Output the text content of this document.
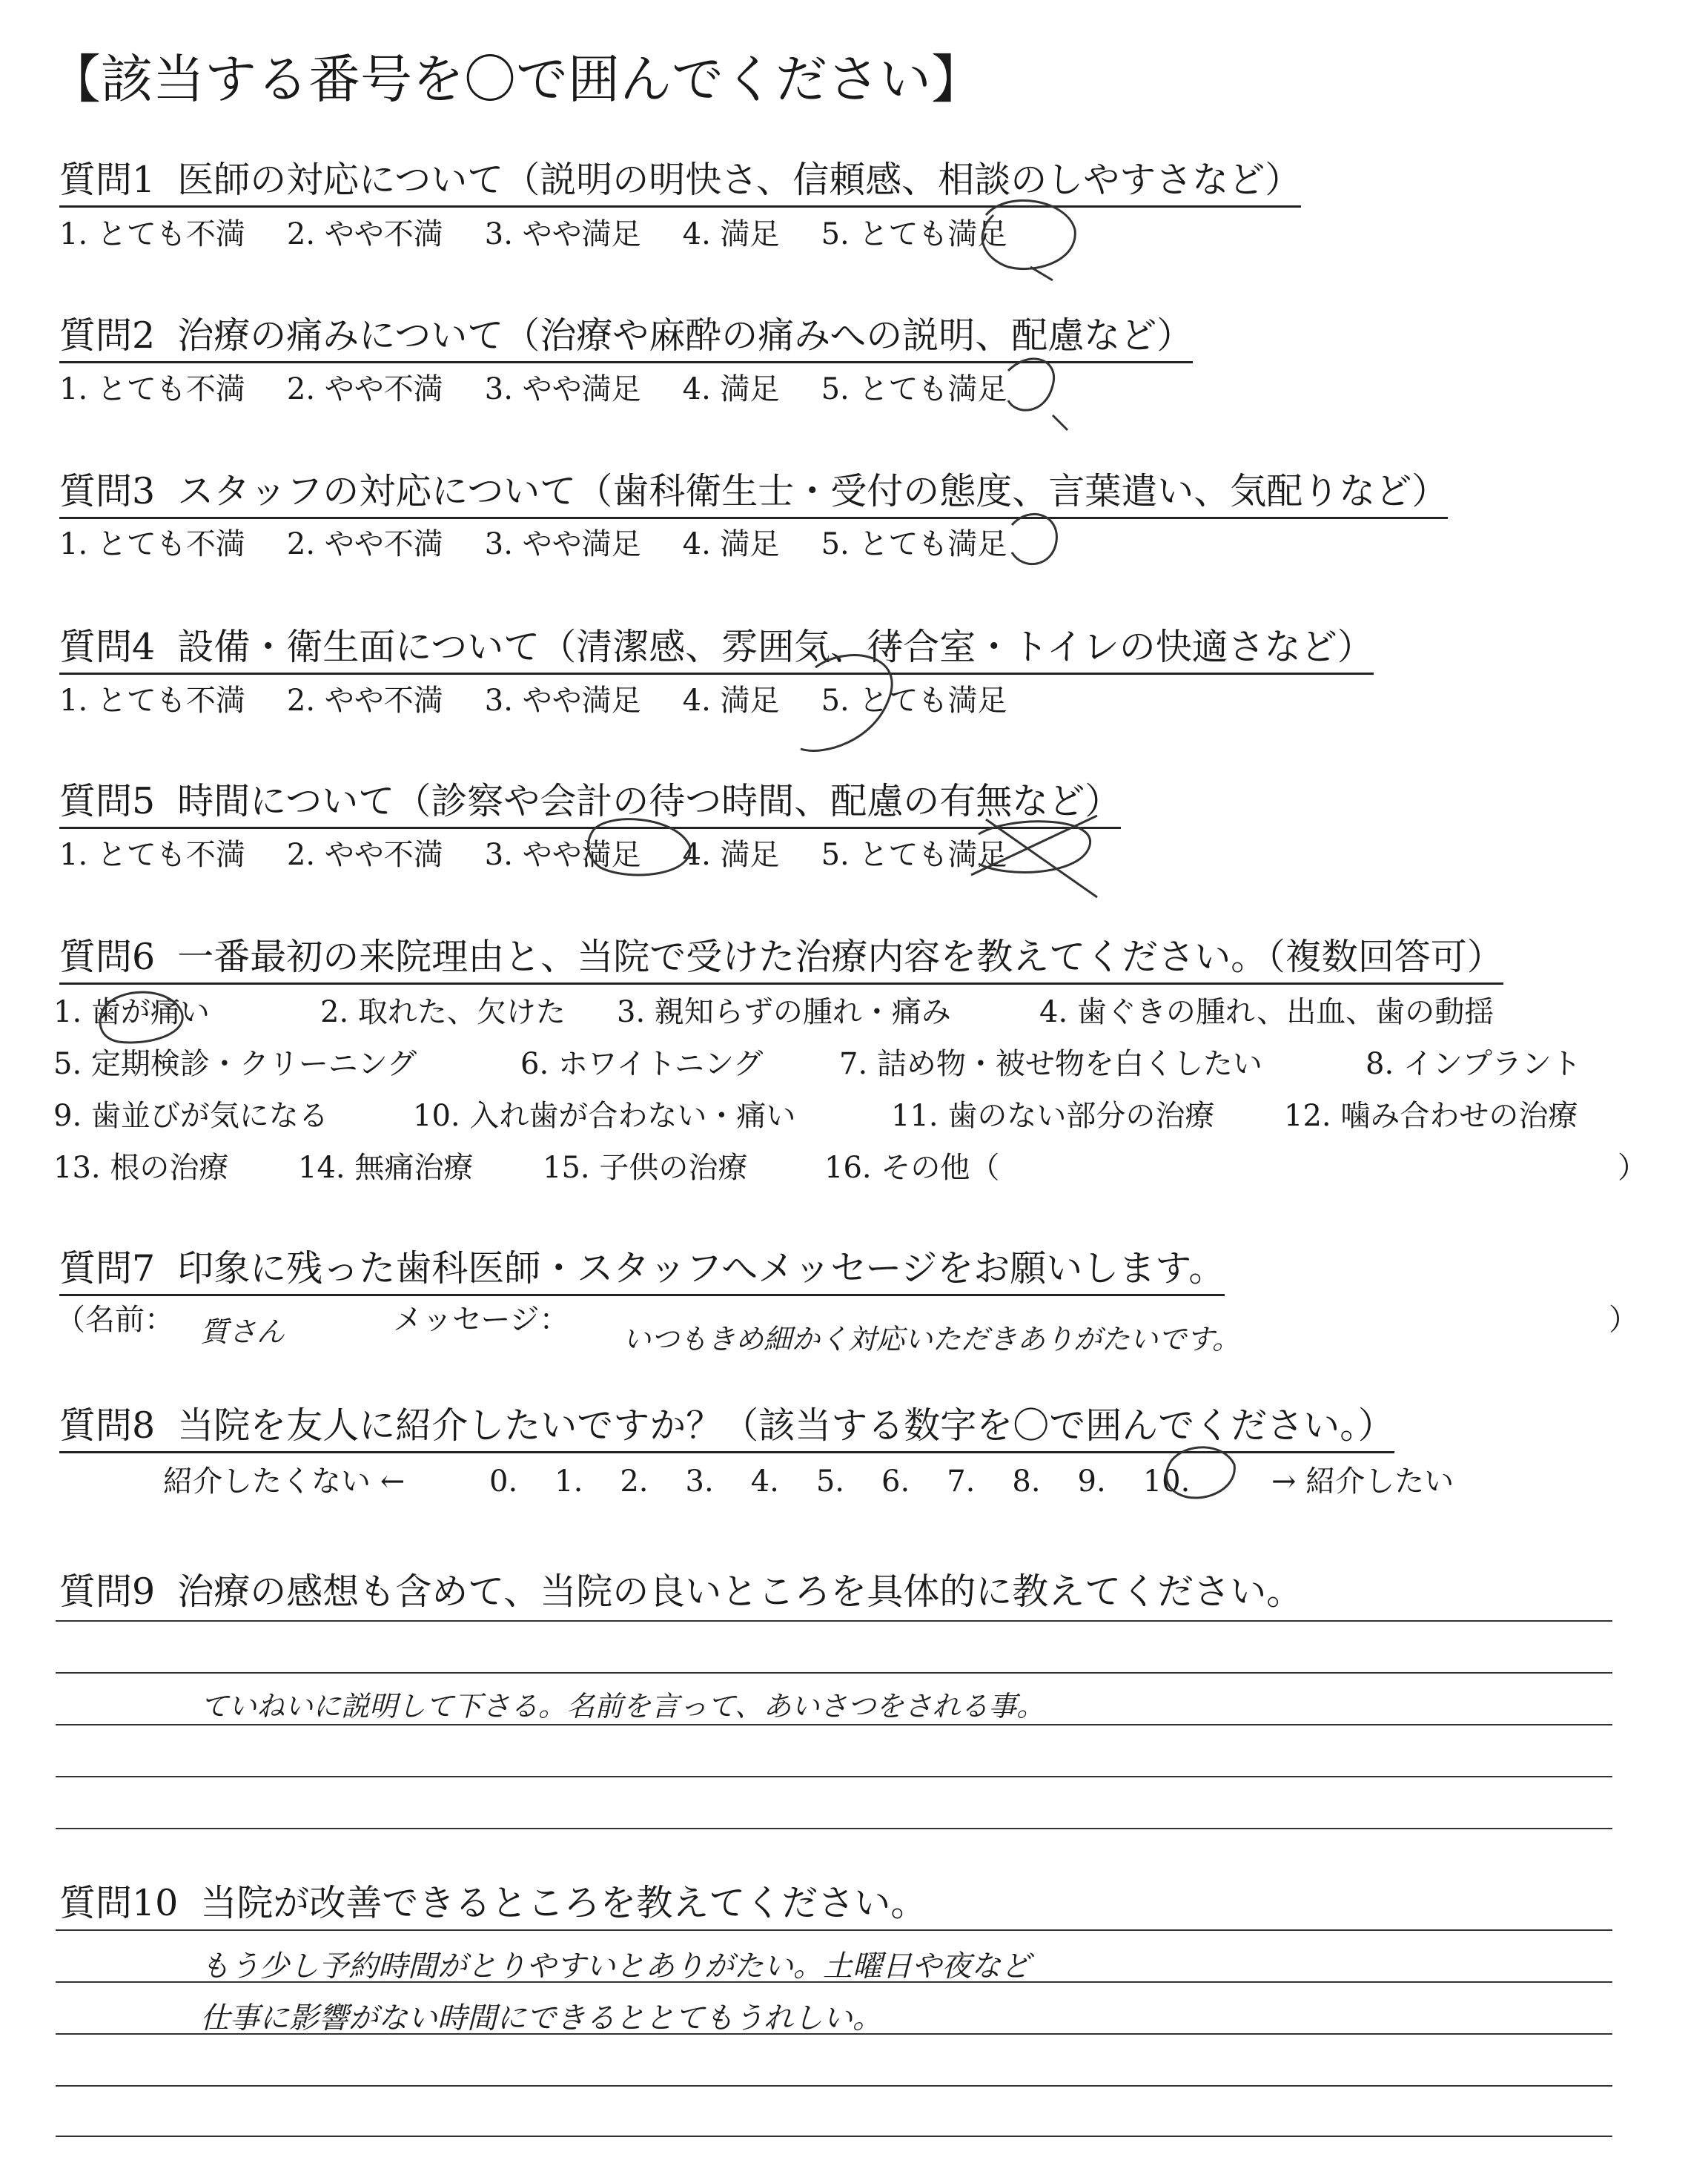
【該当する番号を〇で囲んでください】
質問1 医師の対応について（説明の明快さ、信頼感、相談のしやすさなど）
1. とても不満 2. やや不満 3. やや満足 4. 満足 5. とても満足
質問2 治療の痛みについて（治療や麻酔の痛みへの説明、配慮など）
1. とても不満 2. やや不満 3. やや満足 4. 満足 5. とても満足
質問3 スタッフの対応について（歯科衛生士・受付の態度、言葉遣い、気配りなど）
1. とても不満 2. やや不満 3. やや満足 4. 満足 5. とても満足
質問4 設備・衛生面について（清潔感、雰囲気、待合室・トイレの快適さなど）
1. とても不満 2. やや不満 3. やや満足 4. 満足 5. とても満足
質問5 時間について（診察や会計の待つ時間、配慮の有無など）
1. とても不満 2. やや不満 3. やや満足 4. 満足 5. とても満足
質問6 一番最初の来院理由と、当院で受けた治療内容を教えてください。（複数回答可）
1. 歯が痛い	2. 取れた、欠けた 3. 親知らずの腫れ・痛み	4. 歯ぐきの腫れ、出血、歯の動揺
5. 定期検診・クリーニング	6. ホワイトニング	7. 詰め物・被せ物を白くしたい	8. インプラント
9. 歯並びが気になる	10. 入れ歯が合わない・痛い	11. 歯のない部分の治療 12. 噛み合わせの治療
13. 根の治療 14. 無痛治療 15. 子供の治療	16. その他（	）
質問7 印象に残った歯科医師・スタッフへメッセージをお願いします。
（名前： 質さん	メッセージ：
いつもきめ細かく対応いただきありがたいです。
）
質問8 当院を友人に紹介したいですか？（該当する数字を〇で囲んでください。）
紹介したくない ←	0. 1. 2. 3. 4. 5. 6. 7. 8. 9. 10.	→ 紹介したい
質問9 治療の感想も含めて、当院の良いところを具体的に教えてください。
ていねいに説明して下さる。名前を言って、あいさつをされる事。
質問10 当院が改善できるところを教えてください。
もう少し予約時間がとりやすいとありがたい。土曜日や夜など
仕事に影響がない時間にできるととてもうれしい。
